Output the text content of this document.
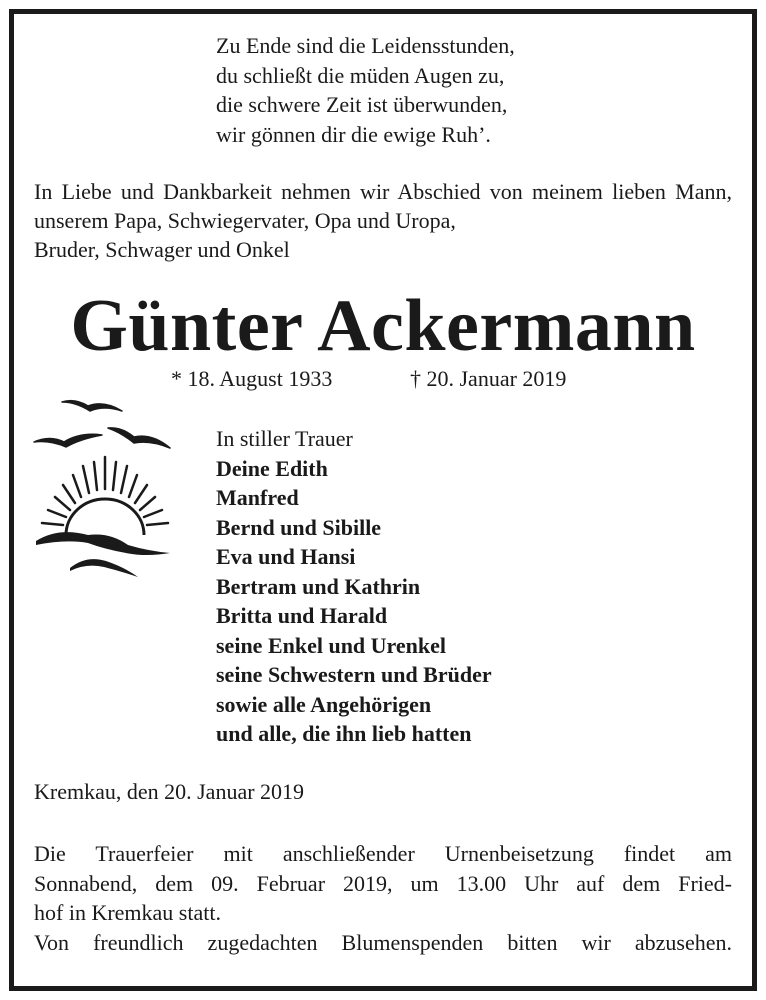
Zu Ende sind die Leidensstunden,
du schließt die müden Augen zu,
die schwere Zeit ist überwunden,
wir gönnen dir die ewige Ruh’.
In Liebe und Dankbarkeit nehmen wir Abschied von meinem lieben Mann, unserem Papa, Schwiegervater, Opa und Uropa,
Bruder, Schwager und Onkel
Günter Ackermann
* 18. August 1933	† 20. Januar 2019
In stiller Trauer
Deine Edith
Manfred
Bernd und Sibille
Eva und Hansi
Bertram und Kathrin
Britta und Harald
seine Enkel und Urenkel
seine Schwestern und Brüder
sowie alle Angehörigen
und alle, die ihn lieb hatten
Kremkau, den 20. Januar 2019
Die Trauerfeier mit anschließender Urnenbeisetzung findet am
Sonnabend, dem 09. Februar 2019, um 13.00 Uhr auf dem Fried-
hof in Kremkau statt.
Von freundlich zugedachten Blumenspenden bitten wir abzusehen.
